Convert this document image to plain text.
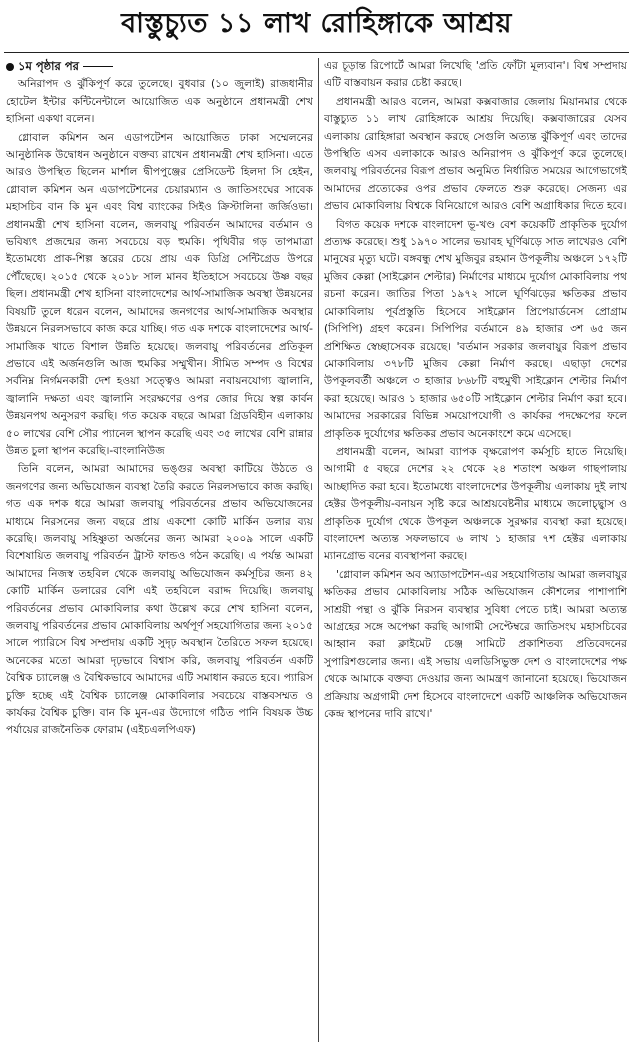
বাস্তুচ্যুত ১১ লাখ রোহিঙ্গাকে আশ্রয়
১ম পৃষ্ঠার পর

অনিরাপদ ও ঝুঁকিপূর্ণ করে তুলেছে। বুধবার (১০ জুলাই) রাজধানীর হোটেল ইন্টার কন্টিনেন্টালে আয়োজিত এক অনুষ্ঠানে প্রধানমন্ত্রী শেখ হাসিনা একথা বলেন।

গ্লোবাল কমিশন অন এডাপটেশন আয়োজিত ঢাকা সম্মেলনের আনুষ্ঠানিক উদ্বোধন অনুষ্ঠানে বক্তব্য রাখেন প্রধানমন্ত্রী শেখ হাসিনা। এতে আরও উপস্থিত ছিলেন মার্শাল দ্বীপপুঞ্জের প্রেসিডেন্ট হিলদা সি হেইন, গ্লোবাল কমিশন অন এডাপটেশনের চেয়ারম্যান ও জাতিসংঘের সাবেক মহাসচিব বান কি মুন এবং বিশ্ব ব্যাংকের সিইও ক্রিস্টালিনা জর্জিওভা। প্রধানমন্ত্রী শেখ হাসিনা বলেন, জলবায়ু পরিবর্তন আমাদের বর্তমান ও ভবিষ্যৎ প্রজন্মের জন্য সবচেয়ে বড় হুমকি। পৃথিবীর গড় তাপমাত্রা ইতোমধ্যে প্রাক-শিল্প স্তরের চেয়ে প্রায় এক ডিগ্রি সেন্টিগ্রেড উপরে পৌঁছেছে। ২০১৫ থেকে ২০১৮ সাল মানব ইতিহাসে সবচেয়ে উষ্ণ বছর ছিল। প্রধানমন্ত্রী শেখ হাসিনা বাংলাদেশের আর্থ-সামাজিক অবস্থা উন্নয়নের বিষয়টি তুলে ধরেন বলেন, আমাদের জনগণের আর্থ-সামাজিক অবস্থার উন্নয়নে নিরলসভাবে কাজ করে যাচ্ছি। গত এক দশকে বাংলাদেশের আর্থ-সামাজিক খাতে বিশাল উন্নতি হয়েছে। জলবায়ু পরিবর্তনের প্রতিকূল প্রভাবে এই অর্জনগুলি আজ হুমকির সম্মুখীন। সীমিত সম্পদ ও বিশ্বের সর্বনিম্ন নির্গমনকারী দেশ হওয়া সত্ত্বেও আমরা নবায়নযোগ্য জ্বালানি, জ্বালানি দক্ষতা এবং জ্বালানি সংরক্ষণের ওপর জোর দিয়ে স্বল্প কার্বন উন্নয়নপথ অনুসরণ করছি। গত কয়েক বছরে আমরা গ্রিডবিহীন এলাকায় ৫০ লাখের বেশি সৌর প্যানেল স্থাপন করেছি এবং ৩৫ লাখের বেশি রান্নার উন্নত চুলা স্থাপন করেছি।-বাংলানিউজ

তিনি বলেন, আমরা আমাদের ভঙ্গুর অবস্থা কাটিয়ে উঠতে ও জনগণের জন্য অভিযোজন ব্যবস্থা তৈরি করতে নিরলসভাবে কাজ করছি। গত এক দশক ধরে আমরা জলবায়ু পরিবর্তনের প্রভাব অভিযোজনের মাধ্যমে নিরসনের জন্য বছরে প্রায় একশো কোটি মার্কিন ডলার ব্যয় করেছি। জলবায়ু সহিষ্ণুতা অর্জনের জন্য আমরা ২০০৯ সালে একটি বিশেষায়িত জলবায়ু পরিবর্তন ট্রাস্ট ফান্ডও গঠন করেছি। এ পর্যন্ত আমরা আমাদের নিজস্ব তহবিল থেকে জলবায়ু অভিযোজন কর্মসূচির জন্য ৪২ কোটি মার্কিন ডলারের বেশি এই তহবিলে বরাদ্দ দিয়েছি। জলবায়ু পরিবর্তনের প্রভাব মোকাবিলার কথা উল্লেখ করে শেখ হাসিনা বলেন, জলবায়ু পরিবর্তনের প্রভাব মোকাবিলায় অর্থপূর্ণ সহযোগিতার জন্য ২০১৫ সালে প্যারিসে বিশ্ব সম্প্রদায় একটি সুদৃঢ় অবস্থান তৈরিতে সফল হয়েছে। অনেকের মতো আমরা দৃঢ়ভাবে বিশ্বাস করি, জলবায়ু পরিবর্তন একটি বৈশ্বিক চ্যালেঞ্জ ও বৈশ্বিকভাবে আমাদের এটি সমাধান করতে হবে। প্যারিস চুক্তি হচ্ছে এই বৈশ্বিক চ্যালেঞ্জ মোকাবিলার সবচেয়ে বাস্তবসম্মত ও কার্যকর বৈশ্বিক চুক্তি। বান কি মুন-এর উদ্যোগে গঠিত পানি বিষয়ক উচ্চ পর্যায়ের রাজনৈতিক ফোরাম (এইচএলপিএফ)

এর চূড়ান্ত রিপোর্টে আমরা লিখেছি 'প্রতি ফোঁটা মূল্যবান'। বিশ্ব সম্প্রদায় এটি বাস্তবায়ন করার চেষ্টা করছে।

প্রধানমন্ত্রী আরও বলেন, আমরা কক্সবাজার জেলায় মিয়ানমার থেকে বাস্তুচ্যুত ১১ লাখ রোহিঙ্গাকে আশ্রয় দিয়েছি। কক্সবাজারের যেসব এলাকায় রোহিঙ্গারা অবস্থান করছে সেগুলি অত্যন্ত ঝুঁকিপূর্ণ এবং তাদের উপস্থিতি এসব এলাকাকে আরও অনিরাপদ ও ঝুঁকিপূর্ণ করে তুলেছে। জলবায়ু পরিবর্তনের বিরূপ প্রভাব অনুমিত নির্ধারিত সময়ের আগেভাগেই আমাদের প্রত্যেকের ওপর প্রভাব ফেলতে শুরু করেছে। সেজন্য এর প্রভাব মোকাবিলায় বিশ্বকে বিনিয়োগে আরও বেশি অগ্রাধিকার দিতে হবে।

বিগত কয়েক দশকে বাংলাদেশ ভূ-খণ্ড বেশ কয়েকটি প্রাকৃতিক দুর্যোগ প্রত্যক্ষ করেছে। শুধু ১৯৭০ সালের ভয়াবহ ঘূর্ণিঝড়ে সাত লাখেরও বেশি মানুষের মৃত্যু ঘটে। বঙ্গবন্ধু শেখ মুজিবুর রহমান উপকূলীয় অঞ্চলে ১৭২টি মুজিব কেল্লা (সাইক্লোন শেল্টার) নির্মাণের মাধ্যমে দুর্যোগ মোকাবিলায় পথ রচনা করেন। জাতির পিতা ১৯৭২ সালে ঘূর্ণিঝড়ের ক্ষতিকর প্রভাব মোকাবিলায় পূর্বপ্রস্তুতি হিসেবে সাইক্লোন প্রিপেয়ার্ডনেস প্রোগ্রাম (সিপিপি) গ্রহণ করেন। সিপিপির বর্তমানে ৪৯ হাজার ৩শ ৬৫ জন প্রশিক্ষিত স্বেচ্ছাসেবক রয়েছে। 'বর্তমান সরকার জলবায়ুর বিরূপ প্রভাব মোকাবিলায় ৩৭৮টি মুজিব কেল্লা নির্মাণ করছে। এছাড়া দেশের উপকূলবর্তী অঞ্চলে ৩ হাজার ৮৬৮টি বহুমুখী সাইক্লোন শেল্টার নির্মাণ করা হয়েছে। আরও ১ হাজার ৬৫০টি সাইক্লোন শেল্টার নির্মাণ করা হবে। আমাদের সরকারের বিভিন্ন সময়োপযোগী ও কার্যকর পদক্ষেপের ফলে প্রাকৃতিক দুর্যোগের ক্ষতিকর প্রভাব অনেকাংশে কমে এসেছে।

প্রধানমন্ত্রী বলেন, আমরা ব্যাপক বৃক্ষরোপণ কর্মসূচি হাতে নিয়েছি। আগামী ৫ বছরে দেশের ২২ থেকে ২৪ শতাংশ অঞ্চল গাছপালায় আচ্ছাদিত করা হবে। ইতোমধ্যে বাংলাদেশের উপকূলীয় এলাকায় দুই লাখ হেক্টর উপকূলীয়-বনায়ন সৃষ্টি করে আশ্রয়বেষ্টনীর মাধ্যমে জলোচ্ছ্বাস ও প্রাকৃতিক দুর্যোগ থেকে উপকূল অঞ্চলকে সুরক্ষার ব্যবস্থা করা হয়েছে। বাংলাদেশ অত্যন্ত সফলভাবে ৬ লাখ ১ হাজার ৭শ হেক্টর এলাকায় ম্যানগ্রোভ বনের ব্যবস্থাপনা করছে।

'গ্লোবাল কমিশন অব অ্যাডাপটেশন-এর সহযোগিতায় আমরা জলবায়ুর ক্ষতিকর প্রভাব মোকাবিলায় সঠিক অভিযোজন কৌশলের পাশাপাশি সাশ্রয়ী পন্থা ও ঝুঁকি নিরসন ব্যবস্থার সুবিধা পেতে চাই। আমরা অত্যন্ত আগ্রহের সঙ্গে অপেক্ষা করছি আগামী সেপ্টেম্বরে জাতিসংঘ মহাসচিবের আহ্বান করা ক্লাইমেট চেঞ্জ সামিটে প্রকাশিতব্য প্রতিবেদনের সুপারিশগুলোর জন্য। এই সভায় এলডিসিভুক্ত দেশ ও বাংলাদেশের পক্ষ থেকে আমাকে বক্তব্য দেওয়ার জন্য আমন্ত্রণ জানানো হয়েছে। ভিযোজন প্রক্রিয়ায় অগ্রগামী দেশ হিসেবে বাংলাদেশে একটি আঞ্চলিক অভিযোজন কেন্দ্র স্থাপনের দাবি রাখে।'
